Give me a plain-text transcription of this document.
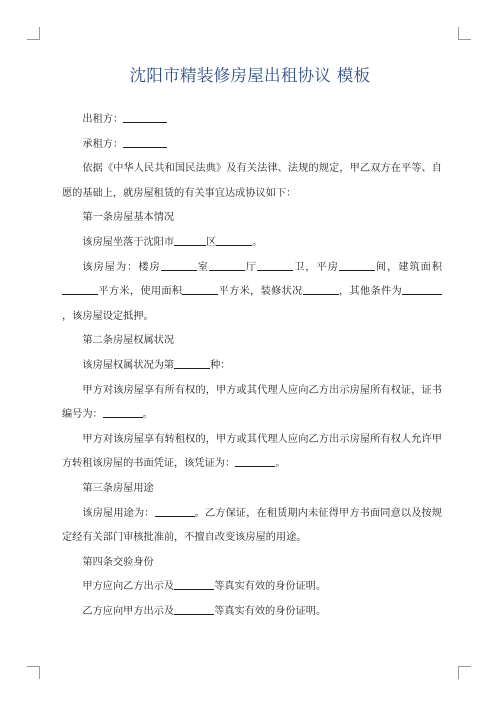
沈阳市精装修房屋出租协议 模板

出租方：

承租方：

依据《中华人民共和国民法典》及有关法律、法规的规定，甲乙双方在平等、自愿的基础上，就房屋租赁的有关事宜达成协议如下：

第一条房屋基本情况

该房屋坐落于沈阳市	区	。

该房屋为：楼房	室	厅	卫，平房	间，建筑面积平方米，使用面积	平方米，装修状况	，其他条件为，该房屋设定抵押。

第二条房屋权属状况

该房屋权属状况为第	种：

甲方对该房屋享有所有权的，甲方或其代理人应向乙方出示房屋所有权证，证书编号为：	。

甲方对该房屋享有转租权的，甲方或其代理人应向乙方出示房屋所有权人允许甲方转租该房屋的书面凭证，该凭证为：	。

第三条房屋用途

该房屋用途为：	。乙方保证，在租赁期内未征得甲方书面同意以及按规定经有关部门审核批准前，不擅自改变该房屋的用途。

第四条交验身份

甲方应向乙方出示及	等真实有效的身份证明。

乙方应向甲方出示及	等真实有效的身份证明。
